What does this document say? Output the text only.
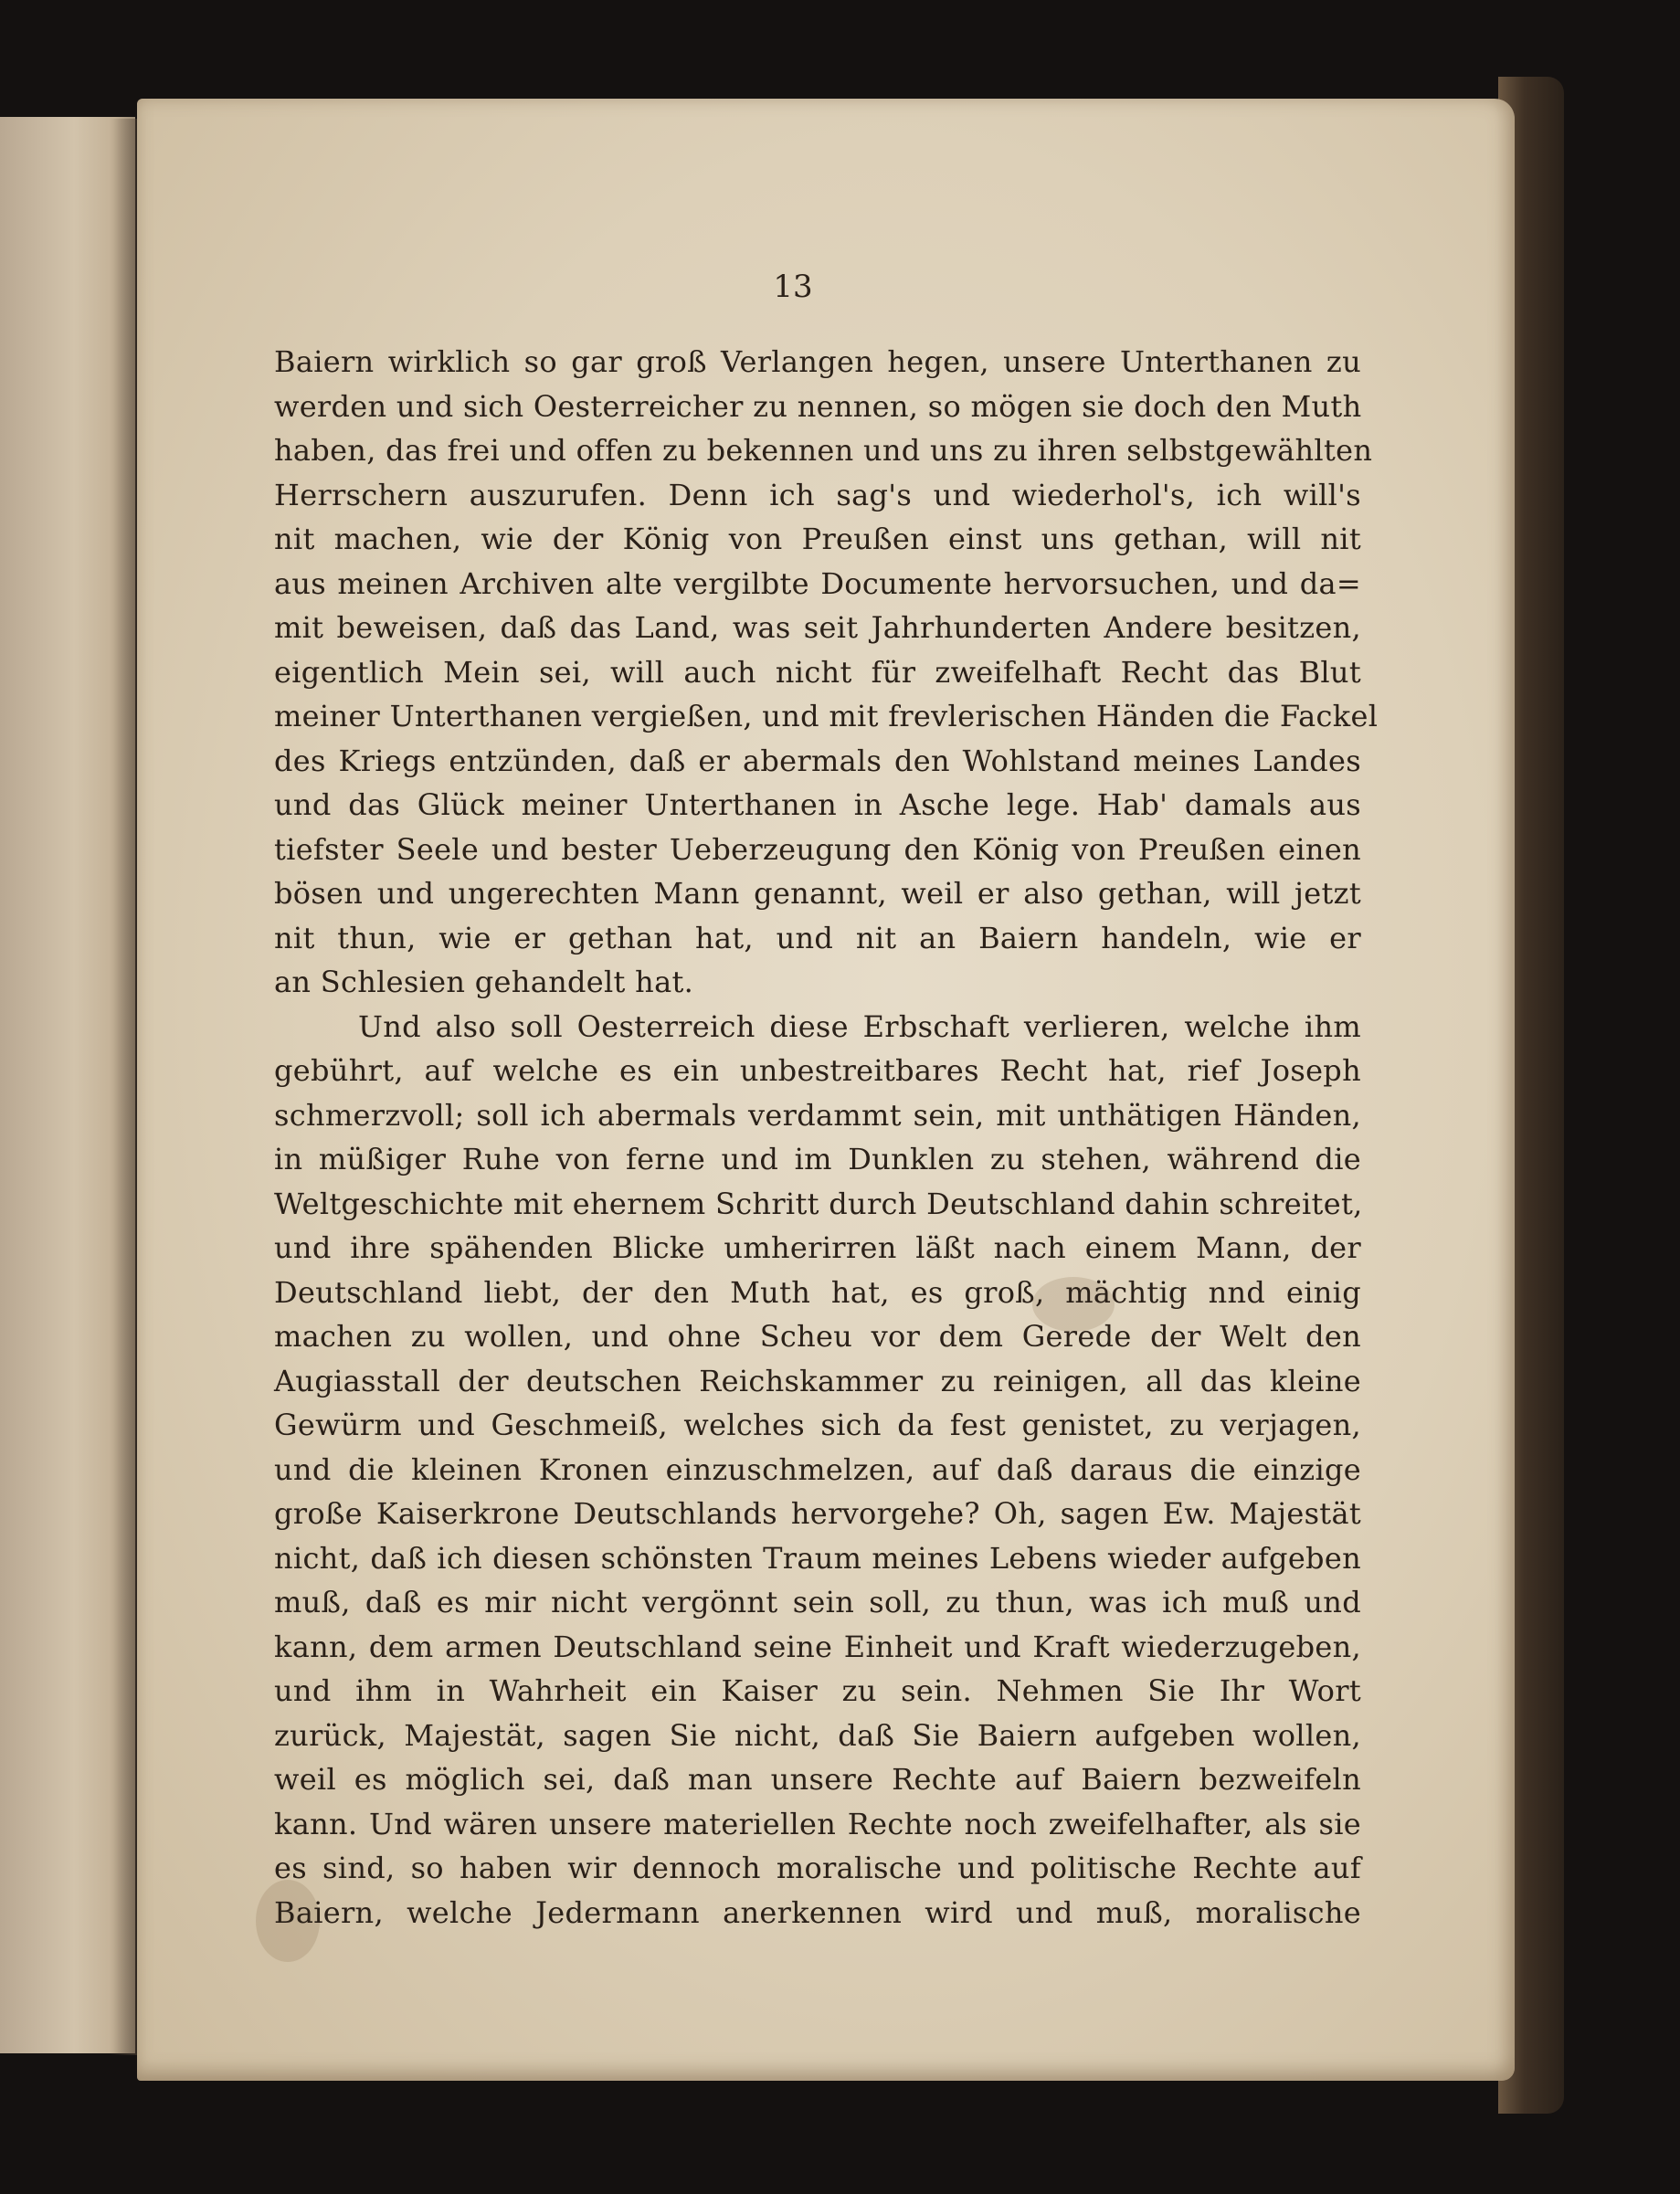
13
Baiern wirklich so gar groß Verlangen hegen, unsere Unterthanen zu
werden und sich Oesterreicher zu nennen, so mögen sie doch den Muth
haben, das frei und offen zu bekennen und uns zu ihren selbstgewählten
Herrschern auszurufen. Denn ich sag's und wiederhol's, ich will's
nit machen, wie der König von Preußen einst uns gethan, will nit
aus meinen Archiven alte vergilbte Documente hervorsuchen, und da=
mit beweisen, daß das Land, was seit Jahrhunderten Andere besitzen,
eigentlich Mein sei, will auch nicht für zweifelhaft Recht das Blut
meiner Unterthanen vergießen, und mit frevlerischen Händen die Fackel
des Kriegs entzünden, daß er abermals den Wohlstand meines Landes
und das Glück meiner Unterthanen in Asche lege. Hab' damals aus
tiefster Seele und bester Ueberzeugung den König von Preußen einen
bösen und ungerechten Mann genannt, weil er also gethan, will jetzt
nit thun, wie er gethan hat, und nit an Baiern handeln, wie er
an Schlesien gehandelt hat.
Und also soll Oesterreich diese Erbschaft verlieren, welche ihm
gebührt, auf welche es ein unbestreitbares Recht hat, rief Joseph
schmerzvoll; soll ich abermals verdammt sein, mit unthätigen Händen,
in müßiger Ruhe von ferne und im Dunklen zu stehen, während die
Weltgeschichte mit ehernem Schritt durch Deutschland dahin schreitet,
und ihre spähenden Blicke umherirren läßt nach einem Mann, der
Deutschland liebt, der den Muth hat, es groß, mächtig nnd einig
machen zu wollen, und ohne Scheu vor dem Gerede der Welt den
Augiasstall der deutschen Reichskammer zu reinigen, all das kleine
Gewürm und Geschmeiß, welches sich da fest genistet, zu verjagen,
und die kleinen Kronen einzuschmelzen, auf daß daraus die einzige
große Kaiserkrone Deutschlands hervorgehe? Oh, sagen Ew. Majestät
nicht, daß ich diesen schönsten Traum meines Lebens wieder aufgeben
muß, daß es mir nicht vergönnt sein soll, zu thun, was ich muß und
kann, dem armen Deutschland seine Einheit und Kraft wiederzugeben,
und ihm in Wahrheit ein Kaiser zu sein. Nehmen Sie Ihr Wort
zurück, Majestät, sagen Sie nicht, daß Sie Baiern aufgeben wollen,
weil es möglich sei, daß man unsere Rechte auf Baiern bezweifeln
kann. Und wären unsere materiellen Rechte noch zweifelhafter, als sie
es sind, so haben wir dennoch moralische und politische Rechte auf
Baiern, welche Jedermann anerkennen wird und muß, moralische
